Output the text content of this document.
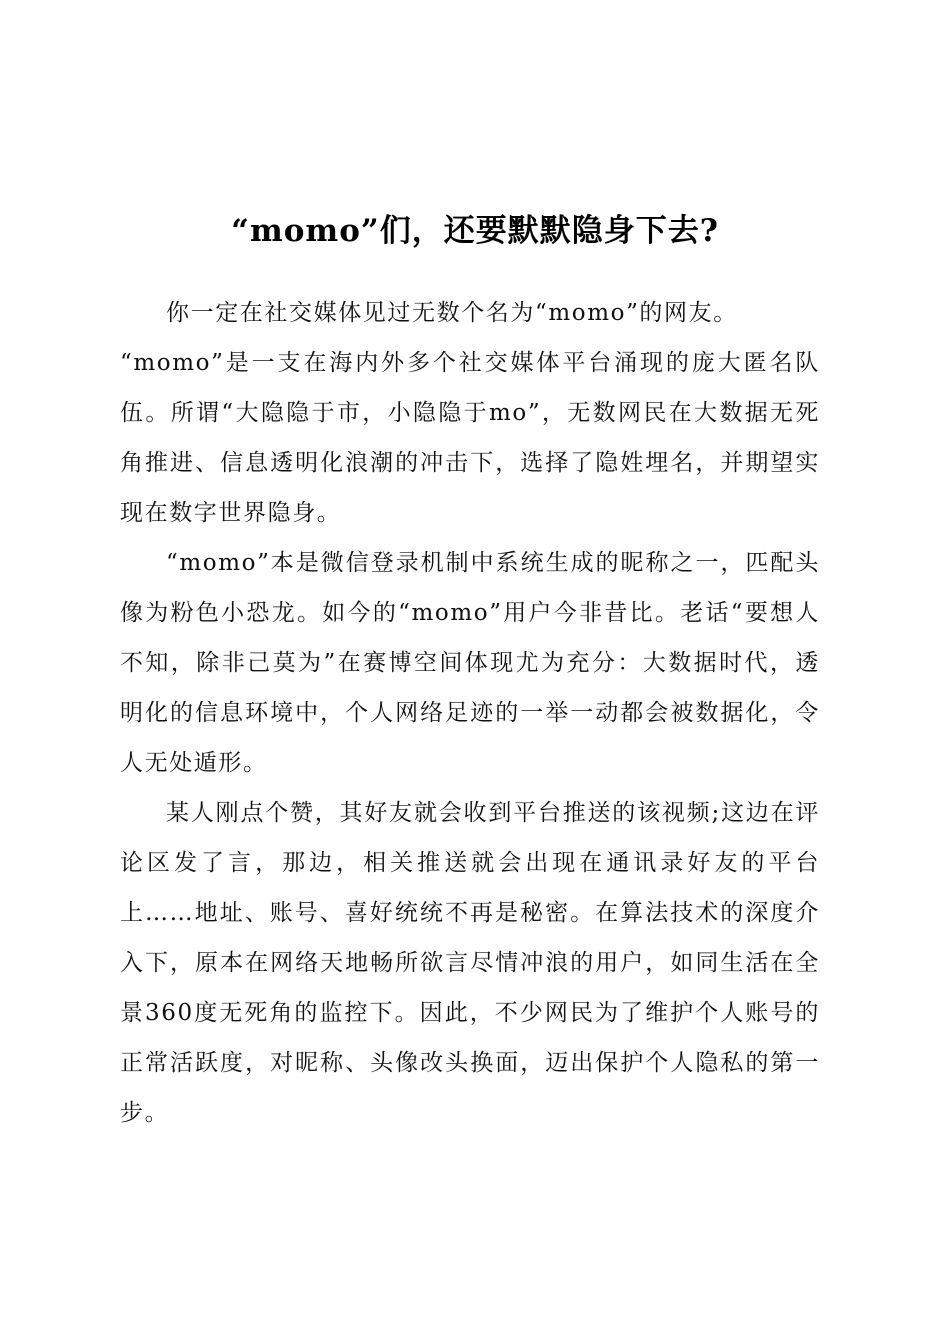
“momo”们，还要默默隐身下去?

你一定在社交媒体见过无数个名为“momo”的网友。

“momo”是一支在海内外多个社交媒体平台涌现的庞大匿名队伍。所谓“大隐隐于市，小隐隐于mo”，无数网民在大数据无死角推进、信息透明化浪潮的冲击下，选择了隐姓埋名，并期望实现在数字世界隐身。

“momo”本是微信登录机制中系统生成的昵称之一，匹配头像为粉色小恐龙。如今的“momo”用户今非昔比。老话“要想人不知，除非己莫为”在赛博空间体现尤为充分：大数据时代，透明化的信息环境中，个人网络足迹的一举一动都会被数据化，令人无处遁形。

某人刚点个赞，其好友就会收到平台推送的该视频;这边在评论区发了言，那边，相关推送就会出现在通讯录好友的平台上……地址、账号、喜好统统不再是秘密。在算法技术的深度介入下，原本在网络天地畅所欲言尽情冲浪的用户，如同生活在全景360度无死角的监控下。因此，不少网民为了维护个人账号的正常活跃度，对昵称、头像改头换面，迈出保护个人隐私的第一步。
